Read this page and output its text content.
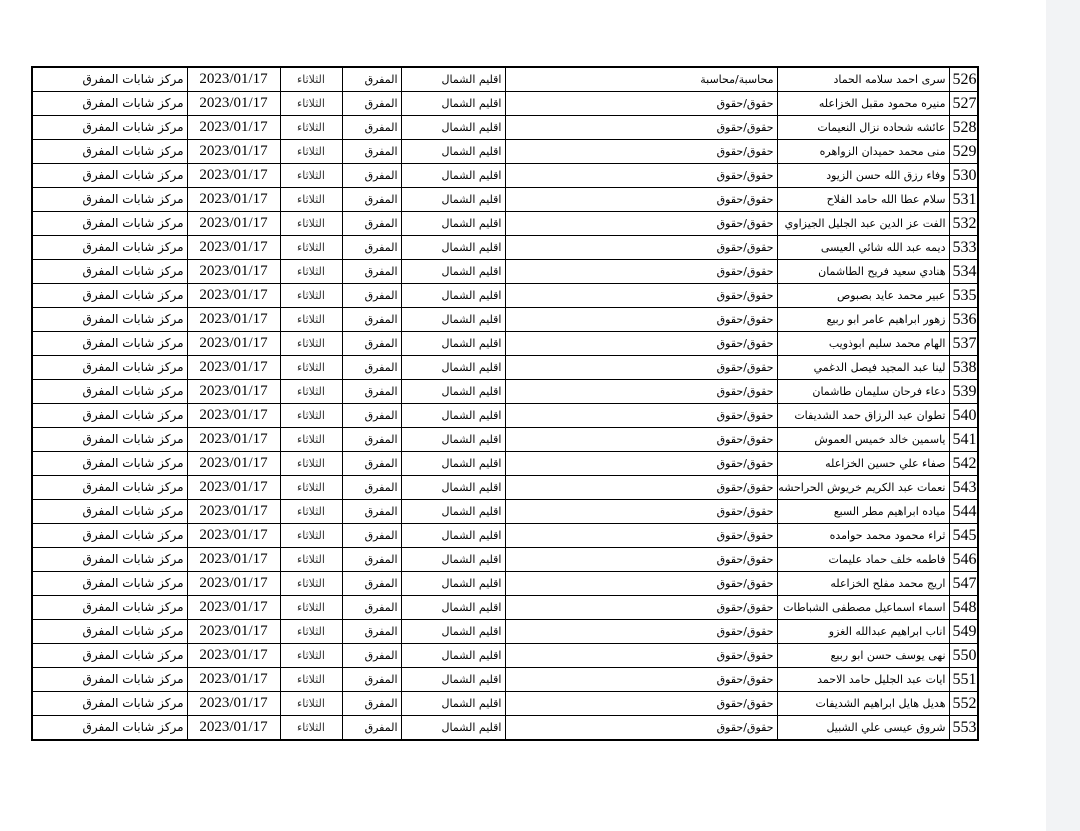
مركز شابات المفرق	2023/01/17	الثلاثاء	المفرق	اقليم الشمال	محاسبة/محاسبة	سرى احمد سلامه الحماد	526
مركز شابات المفرق	2023/01/17	الثلاثاء	المفرق	اقليم الشمال	حقوق/حقوق	منيره محمود مقبل الخزاعله	527
مركز شابات المفرق	2023/01/17	الثلاثاء	المفرق	اقليم الشمال	حقوق/حقوق	عائشه شحاده نزال النعيمات	528
مركز شابات المفرق	2023/01/17	الثلاثاء	المفرق	اقليم الشمال	حقوق/حقوق	منى محمد حميدان الزواهره	529
مركز شابات المفرق	2023/01/17	الثلاثاء	المفرق	اقليم الشمال	حقوق/حقوق	وفاء رزق الله حسن الزيود	530
مركز شابات المفرق	2023/01/17	الثلاثاء	المفرق	اقليم الشمال	حقوق/حقوق	سلام عطا الله حامد الفلاح	531
مركز شابات المفرق	2023/01/17	الثلاثاء	المفرق	اقليم الشمال	حقوق/حقوق	الفت عز الدين عبد الجليل الجيزاوي	532
مركز شابات المفرق	2023/01/17	الثلاثاء	المفرق	اقليم الشمال	حقوق/حقوق	ديمه عبد الله شائي العيسى	533
مركز شابات المفرق	2023/01/17	الثلاثاء	المفرق	اقليم الشمال	حقوق/حقوق	هنادي سعيد فريح الطاشمان	534
مركز شابات المفرق	2023/01/17	الثلاثاء	المفرق	اقليم الشمال	حقوق/حقوق	عبير محمد عايد بصبوص	535
مركز شابات المفرق	2023/01/17	الثلاثاء	المفرق	اقليم الشمال	حقوق/حقوق	زهور ابراهيم عامر ابو ربيع	536
مركز شابات المفرق	2023/01/17	الثلاثاء	المفرق	اقليم الشمال	حقوق/حقوق	الهام محمد سليم ابوذويب	537
مركز شابات المفرق	2023/01/17	الثلاثاء	المفرق	اقليم الشمال	حقوق/حقوق	لينا عبد المجيد فيصل الدغمي	538
مركز شابات المفرق	2023/01/17	الثلاثاء	المفرق	اقليم الشمال	حقوق/حقوق	دعاء فرحان سليمان طاشمان	539
مركز شابات المفرق	2023/01/17	الثلاثاء	المفرق	اقليم الشمال	حقوق/حقوق	تطوان عبد الرزاق حمد الشديفات	540
مركز شابات المفرق	2023/01/17	الثلاثاء	المفرق	اقليم الشمال	حقوق/حقوق	ياسمين خالد خميس العموش	541
مركز شابات المفرق	2023/01/17	الثلاثاء	المفرق	اقليم الشمال	حقوق/حقوق	صفاء علي حسين الخزاعله	542
مركز شابات المفرق	2023/01/17	الثلاثاء	المفرق	اقليم الشمال	حقوق/حقوق	نعمات عبد الكريم خريوش الحراحشه	543
مركز شابات المفرق	2023/01/17	الثلاثاء	المفرق	اقليم الشمال	حقوق/حقوق	مياده ابراهيم مطر السبع	544
مركز شابات المفرق	2023/01/17	الثلاثاء	المفرق	اقليم الشمال	حقوق/حقوق	ثراء محمود محمد حوامده	545
مركز شابات المفرق	2023/01/17	الثلاثاء	المفرق	اقليم الشمال	حقوق/حقوق	فاطمه خلف حماد عليمات	546
مركز شابات المفرق	2023/01/17	الثلاثاء	المفرق	اقليم الشمال	حقوق/حقوق	اريج محمد مفلح الخزاعله	547
مركز شابات المفرق	2023/01/17	الثلاثاء	المفرق	اقليم الشمال	حقوق/حقوق	اسماء اسماعيل مصطفى الشباطات	548
مركز شابات المفرق	2023/01/17	الثلاثاء	المفرق	اقليم الشمال	حقوق/حقوق	اناب ابراهيم عبدالله الغزو	549
مركز شابات المفرق	2023/01/17	الثلاثاء	المفرق	اقليم الشمال	حقوق/حقوق	نهى يوسف حسن ابو ربيع	550
مركز شابات المفرق	2023/01/17	الثلاثاء	المفرق	اقليم الشمال	حقوق/حقوق	ايات عبد الجليل حامد الاحمد	551
مركز شابات المفرق	2023/01/17	الثلاثاء	المفرق	اقليم الشمال	حقوق/حقوق	هديل هايل ابراهيم الشديفات	552
مركز شابات المفرق	2023/01/17	الثلاثاء	المفرق	اقليم الشمال	حقوق/حقوق	شروق عيسى علي الشبيل	553
